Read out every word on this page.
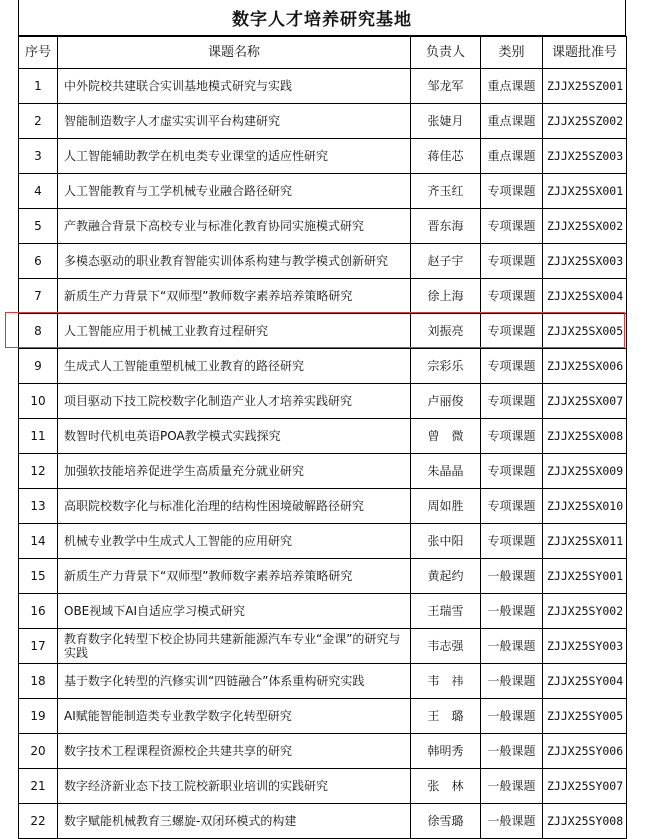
数字人才培养研究基地
序号	课题名称	负责人	类别	课题批准号
1	中外院校共建联合实训基地模式研究与实践	邹龙军	重点课题	ZJJX25SZ001
2	智能制造数字人才虚实实训平台构建研究	张婕月	重点课题	ZJJX25SZ002
3	人工智能辅助教学在机电类专业课堂的适应性研究	蒋佳芯	重点课题	ZJJX25SZ003
4	人工智能教育与工学机械专业融合路径研究	齐玉红	专项课题	ZJJX25SX001
5	产教融合背景下高校专业与标准化教育协同实施模式研究	晋东海	专项课题	ZJJX25SX002
6	多模态驱动的职业教育智能实训体系构建与教学模式创新研究	赵子宇	专项课题	ZJJX25SX003
7	新质生产力背景下“双师型”教师数字素养培养策略研究	徐上海	专项课题	ZJJX25SX004
8	人工智能应用于机械工业教育过程研究	刘振亮	专项课题	ZJJX25SX005
9	生成式人工智能重塑机械工业教育的路径研究	宗彩乐	专项课题	ZJJX25SX006
10	项目驱动下技工院校数字化制造产业人才培养实践研究	卢丽俊	专项课题	ZJJX25SX007
11	数智时代机电英语POA教学模式实践探究	曾　微	专项课题	ZJJX25SX008
12	加强软技能培养促进学生高质量充分就业研究	朱晶晶	专项课题	ZJJX25SX009
13	高职院校数字化与标准化治理的结构性困境破解路径研究	周如胜	专项课题	ZJJX25SX010
14	机械专业教学中生成式人工智能的应用研究	张中阳	专项课题	ZJJX25SX011
15	新质生产力背景下“双师型”教师数字素养培养策略研究	黄起约	一般课题	ZJJX25SY001
16	OBE视域下AI自适应学习模式研究	王瑞雪	一般课题	ZJJX25SY002
17	教育数字化转型下校企协同共建新能源汽车专业“金课”的研究与实践	韦志强	一般课题	ZJJX25SY003
18	基于数字化转型的汽修实训“四链融合”体系重构研究实践	韦　祎	一般课题	ZJJX25SY004
19	AI赋能智能制造类专业教学数字化转型研究	王　璐	一般课题	ZJJX25SY005
20	数字技术工程课程资源校企共建共享的研究	韩明秀	一般课题	ZJJX25SY006
21	数字经济新业态下技工院校新职业培训的实践研究	张　林	一般课题	ZJJX25SY007
22	数字赋能机械教育三螺旋-双闭环模式的构建	徐雪璐	一般课题	ZJJX25SY008
